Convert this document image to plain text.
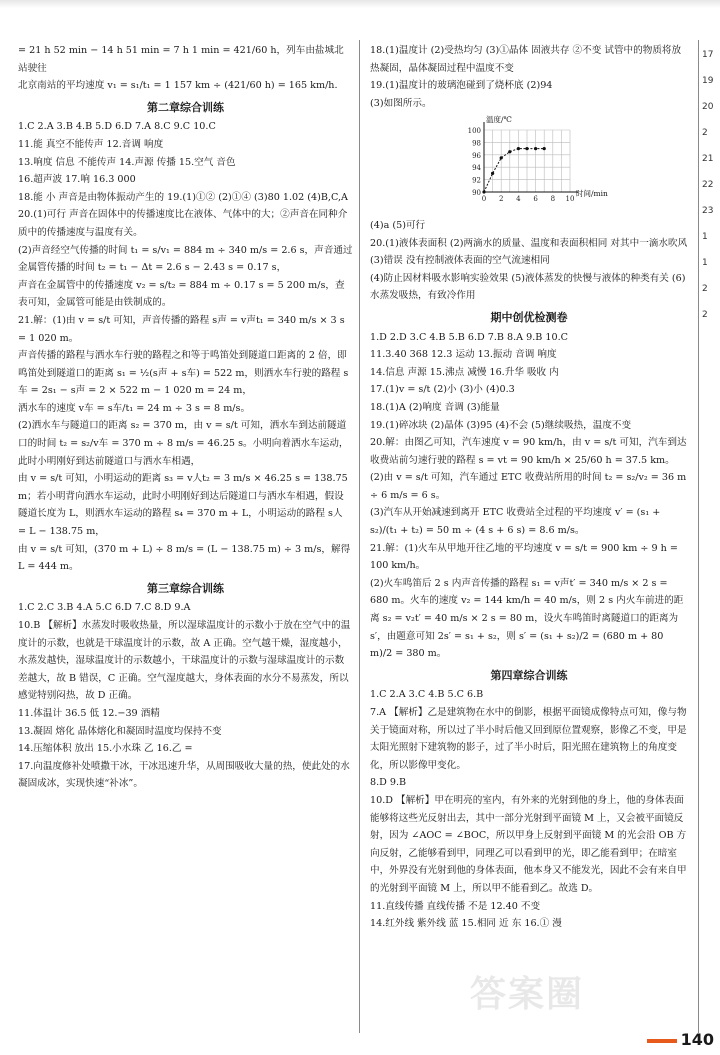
= 21 h 52 min − 14 h 51 min = 7 h 1 min = 421/60 h，列车由盐城北站驶往
北京南站的平均速度 v₁ = s₁/t₁ = 1 157 km ÷ (421/60 h) = 165 km/h.
第二章综合训练
1.C 2.A 3.B 4.B 5.D 6.D 7.A 8.C 9.C 10.C
11.能 真空不能传声 12.音调 响度
13.响度 信息 不能传声 14.声源 传播 15.空气 音色
16.超声波 17.响 16.3 000
18.能 小 声音是由物体振动产生的 19.(1)①② (2)①④ (3)80 1.02 (4)B,C,A
20.(1)可行 声音在固体中的传播速度比在液体、气体中的大；②声音在同种介质中的传播速度与温度有关。
(2)声音经空气传播的时间 t₁ = s/v₁ = 884 m ÷ 340 m/s = 2.6 s，声音通过金属管传播的时间 t₂ = t₁ − Δt = 2.6 s − 2.43 s = 0.17 s，
声音在金属管中的传播速度 v₂ = s/t₂ = 884 m ÷ 0.17 s = 5 200 m/s，查表可知，金属管可能是由铁制成的。
21.解：(1)由 v = s/t 可知，声音传播的路程 s声 = v声t₁ = 340 m/s × 3 s = 1 020 m。
声音传播的路程与洒水车行驶的路程之和等于鸣笛处到隧道口距离的 2 倍，即鸣笛处到隧道口的距离 s₁ = ½(s声 + s车) = 522 m，则洒水车行驶的路程 s车 = 2s₁ − s声 = 2 × 522 m − 1 020 m = 24 m，
洒水车的速度 v车 = s车/t₁ = 24 m ÷ 3 s = 8 m/s。
(2)洒水车与隧道口的距离 s₂ = 370 m，由 v = s/t 可知，洒水车到达前隧道口的时间 t₂ = s₂/v车 = 370 m ÷ 8 m/s = 46.25 s。小明向着洒水车运动，此时小明刚好到达前隧道口与洒水车相遇，
由 v = s/t 可知，小明运动的距离 s₃ = v人t₂ = 3 m/s × 46.25 s = 138.75 m；若小明背向洒水车运动，此时小明刚好到达后隧道口与洒水车相遇，假设隧道长度为 L，则洒水车运动的路程 s₄ = 370 m + L，小明运动的路程 s人 = L − 138.75 m，
由 v = s/t 可知，(370 m + L) ÷ 8 m/s = (L − 138.75 m) ÷ 3 m/s，解得 L = 444 m。
第三章综合训练
1.C 2.C 3.B 4.A 5.C 6.D 7.C 8.D 9.A
10.B 【解析】水蒸发时吸收热量，所以湿球温度计的示数小于放在空气中的温度计的示数，也就是干球温度计的示数，故 A 正确。空气越干燥，湿度越小，水蒸发越快，湿球温度计的示数越小，干球温度计的示数与湿球温度计的示数差越大，故 B 错误，C 正确。空气湿度越大，身体表面的水分不易蒸发，所以感觉特别闷热，故 D 正确。
11.体温计 36.5 低 12.−39 酒精
13.凝固 熔化 晶体熔化和凝固时温度均保持不变
14.压缩体积 放出 15.小水珠 乙 16.乙 =
17.向温度修补处喷撒干冰，干冰迅速升华，从周围吸收大量的热，使此处的水凝固成冰，实现快速“补冰”。
18.(1)温度计 (2)受热均匀 (3)①晶体 固液共存 ②不变 试管中的物质将放热凝固，晶体凝固过程中温度不变
19.(1)温度计的玻璃泡碰到了烧杯底 (2)94
(3)如图所示。
90
92
94
96
98
100
0 2 4 6 8 10
温度/℃
时间/min
(4)a (5)可行
20.(1)液体表面积 (2)两滴水的质量、温度和表面积相同 对其中一滴水吹风 (3)错误 没有控制液体表面的空气流速相同
(4)防止因材料吸水影响实验效果 (5)液体蒸发的快慢与液体的种类有关 (6)水蒸发吸热，有致冷作用
期中创优检测卷
1.D 2.D 3.C 4.B 5.B 6.D 7.B 8.A 9.B 10.C
11.3.40 368 12.3 运动 13.振动 音调 响度
14.信息 声源 15.沸点 减慢 16.升华 吸收 内
17.(1)v = s/t (2)小 (3)小 (4)0.3
18.(1)A (2)响度 音调 (3)能量
19.(1)碎冰块 (2)晶体 (3)95 (4)不会 (5)继续吸热，温度不变
20.解：由图乙可知，汽车速度 v = 90 km/h，由 v = s/t 可知，汽车到达收费站前匀速行驶的路程 s = vt = 90 km/h × 25/60 h = 37.5 km。
(2)由 v = s/t 可知，汽车通过 ETC 收费站所用的时间 t₂ = s₂/v₂ = 36 m ÷ 6 m/s = 6 s。
(3)汽车从开始减速到离开 ETC 收费站全过程的平均速度 v′ = (s₁ + s₂)/(t₁ + t₂) = 50 m ÷ (4 s + 6 s) = 8.6 m/s。
21.解：(1)火车从甲地开往乙地的平均速度 v = s/t = 900 km ÷ 9 h = 100 km/h。
(2)火车鸣笛后 2 s 内声音传播的路程 s₁ = v声t′ = 340 m/s × 2 s = 680 m。火车的速度 v₂ = 144 km/h = 40 m/s，则 2 s 内火车前进的距离 s₂ = v₂t′ = 40 m/s × 2 s = 80 m，设火车鸣笛时离隧道口的距离为 s′，由题意可知 2s′ = s₁ + s₂，则 s′ = (s₁ + s₂)/2 = (680 m + 80 m)/2 = 380 m。
第四章综合训练
1.C 2.A 3.C 4.B 5.C 6.B
7.A 【解析】乙是建筑物在水中的倒影，根据平面镜成像特点可知，像与物关于镜面对称，所以过了半小时后他又回到原位置观察，影像乙不变，甲是太阳光照射下建筑物的影子，过了半小时后，阳光照在建筑物上的角度变化，所以影像甲变化。
8.D 9.B
10.D 【解析】甲在明亮的室内，有外来的光射到他的身上，他的身体表面能够将这些光反射出去，其中一部分光射到平面镜 M 上，又会被平面镜反射，因为 ∠AOC = ∠BOC，所以甲身上反射到平面镜 M 的光会沿 OB 方向反射，乙能够看到甲，同理乙可以看到甲的光，即乙能看到甲；在暗室中，外界没有光射到他的身体表面，他本身又不能发光，因此不会有来自甲的光射到平面镜 M 上，所以甲不能看到乙。故选 D。
11.直线传播 直线传播 不是 12.40 不变
14.红外线 紫外线 蓝 15.相同 近 东 16.① 漫
17
19
20
2
21
22
23
1
1
2
2
答案圈
140
